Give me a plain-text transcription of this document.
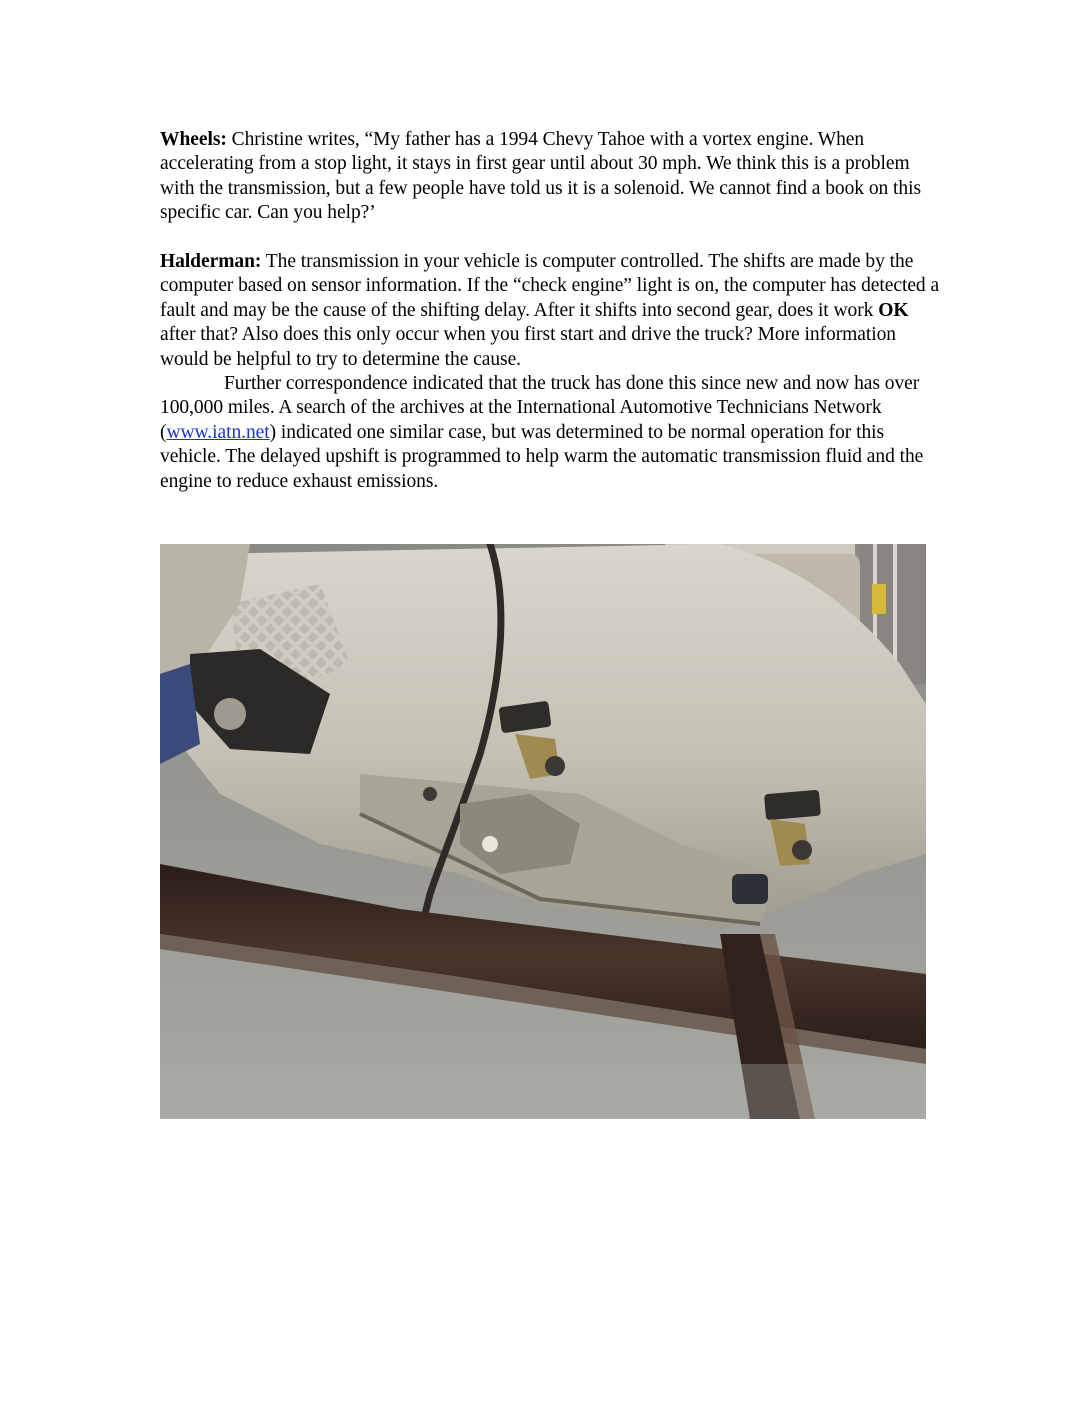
Wheels: Christine writes, “My father has a 1994 Chevy Tahoe with a vortex engine. When accelerating from a stop light, it stays in first gear until about 30 mph. We think this is a problem with the transmission, but a few people have told us it is a solenoid. We cannot find a book on this specific car. Can you help?’

Halderman: The transmission in your vehicle is computer controlled. The shifts are made by the computer based on sensor information. If the “check engine” light is on, the computer has detected a fault and may be the cause of the shifting delay. After it shifts into second gear, does it work OK after that? Also does this only occur when you first start and drive the truck? More information would be helpful to try to determine the cause.

Further correspondence indicated that the truck has done this since new and now has over 100,000 miles. A search of the archives at the International Automotive Technicians Network (www.iatn.net) indicated one similar case, but was determined to be normal operation for this vehicle. The delayed upshift is programmed to help warm the automatic transmission fluid and the engine to reduce exhaust emissions.
